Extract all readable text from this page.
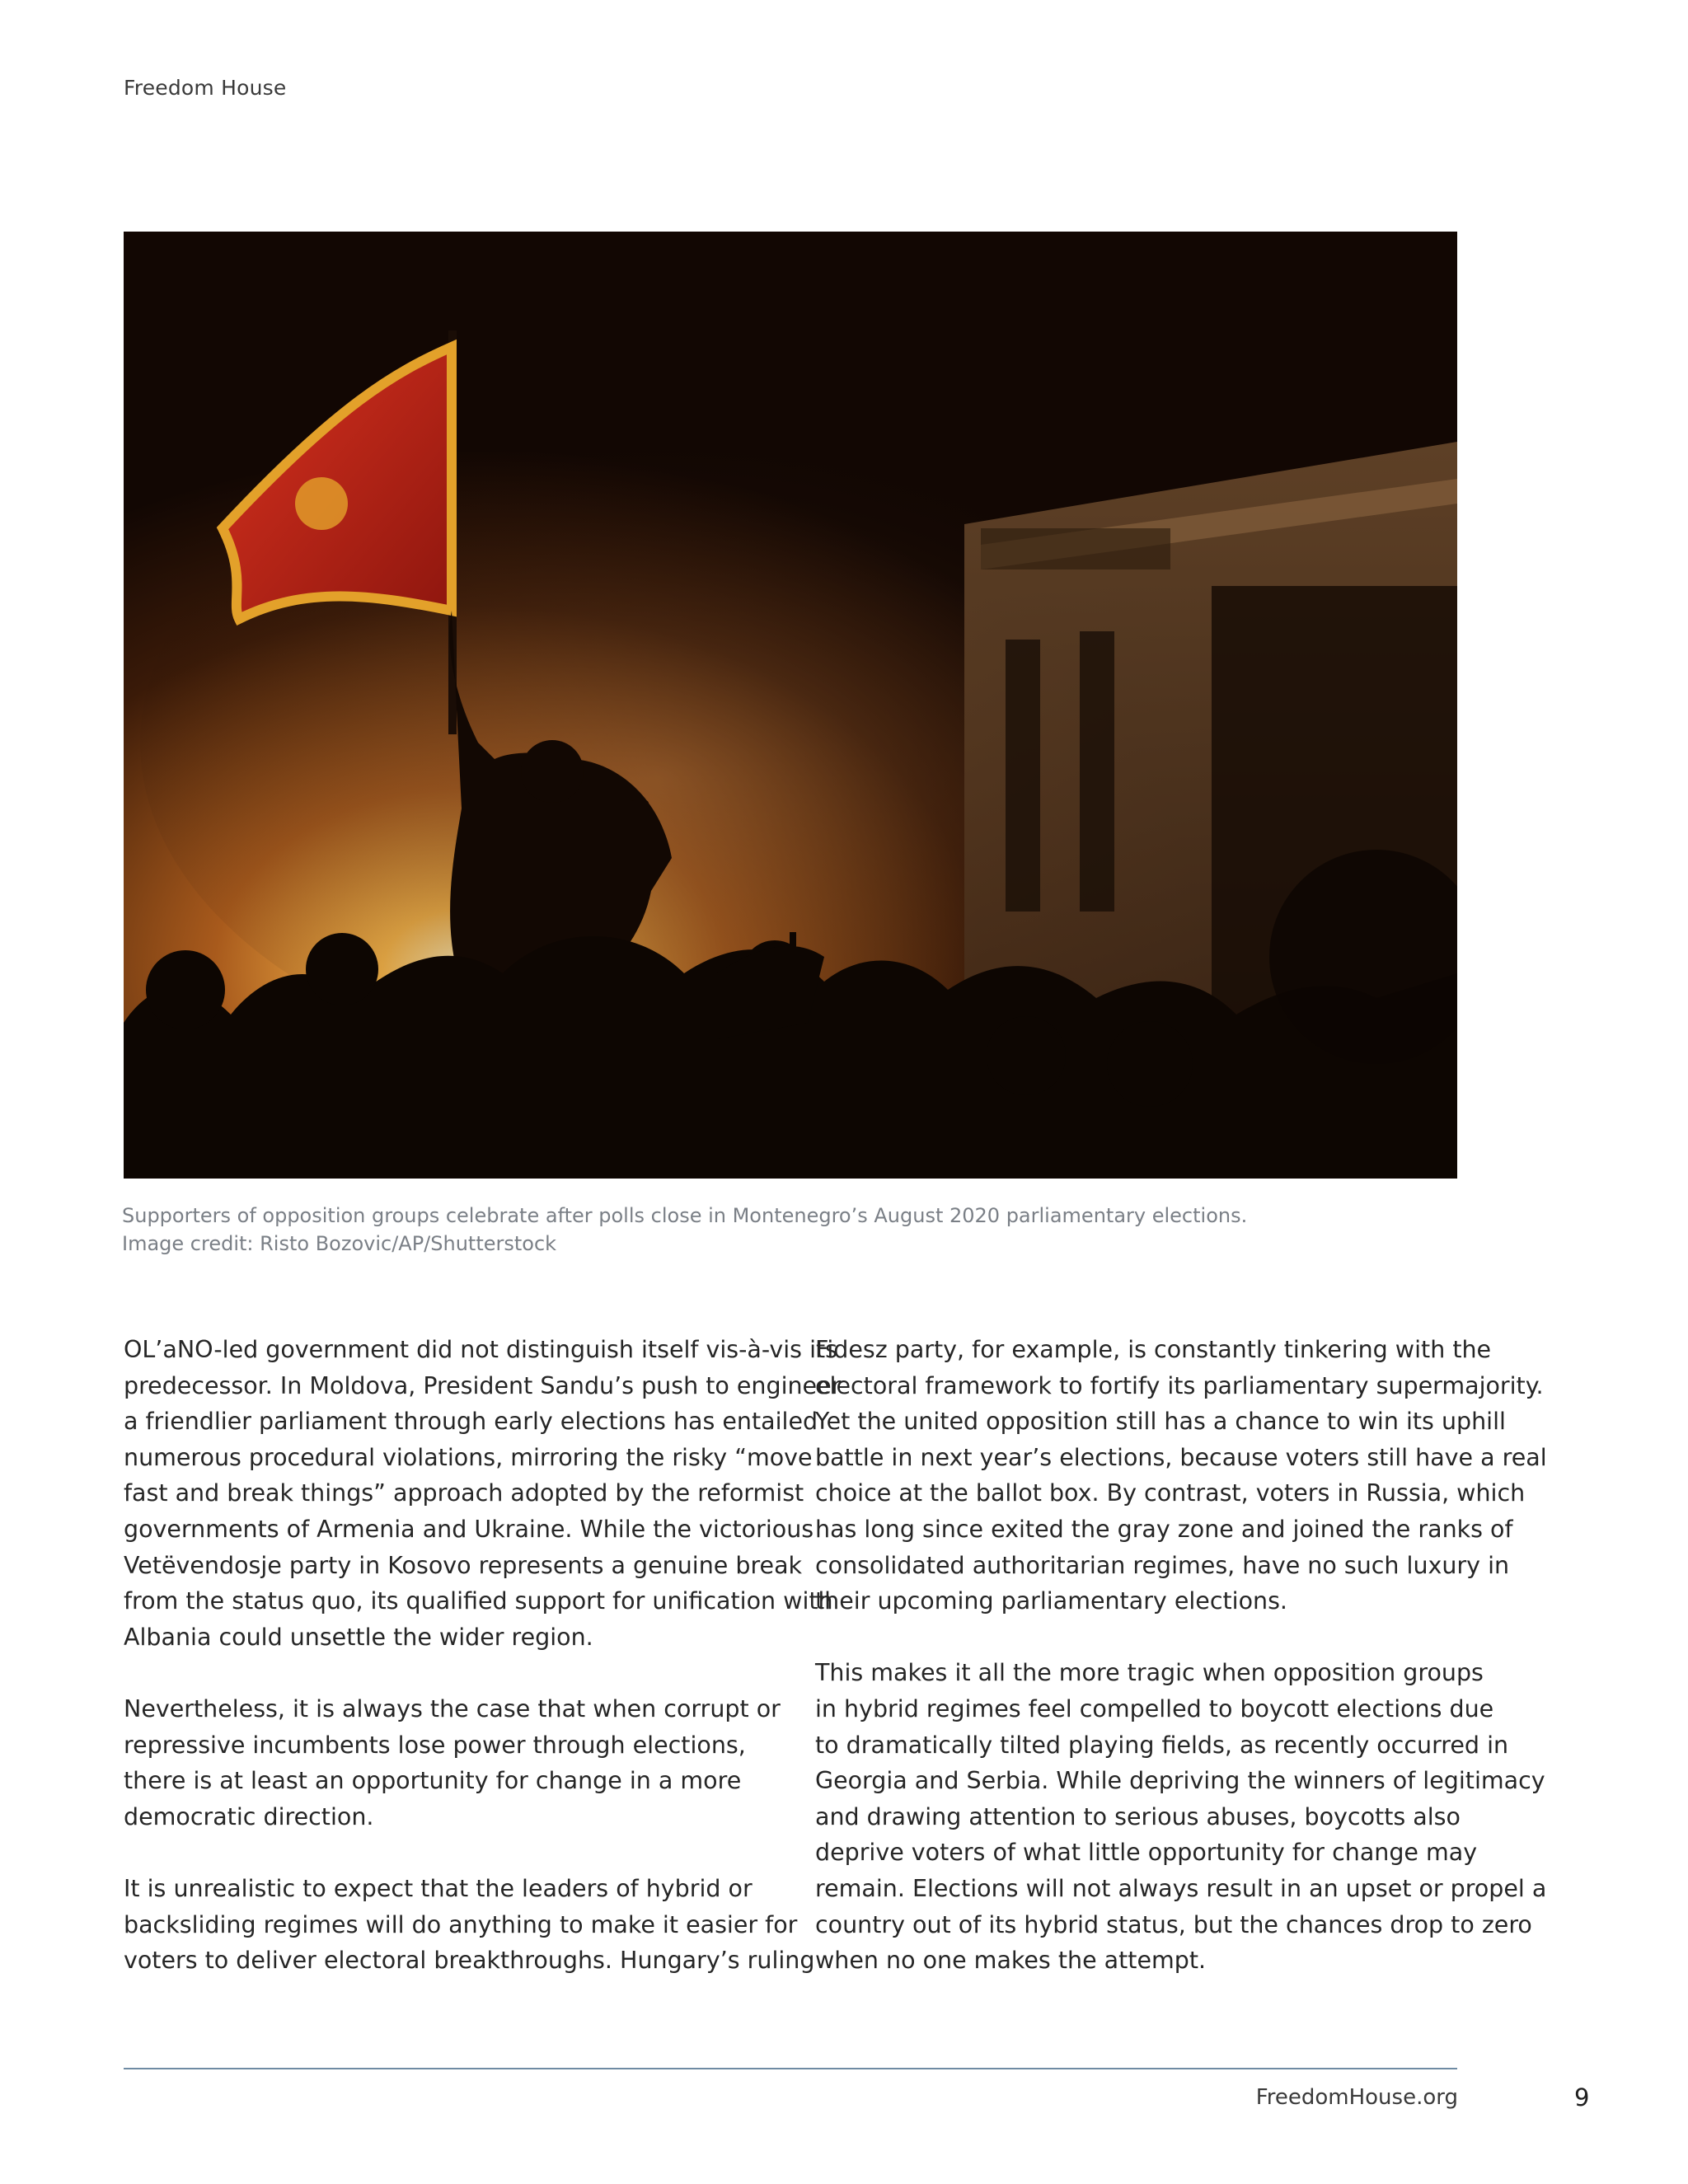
Freedom House
Supporters of opposition groups celebrate after polls close in Montenegro’s August 2020 parliamentary elections.
Image credit: Risto Bozovic/AP/Shutterstock

OL’aNO-led government did not distinguish itself vis-à-vis its
predecessor. In Moldova, President Sandu’s push to engineer
a friendlier parliament through early elections has entailed
numerous procedural violations, mirroring the risky “move
fast and break things” approach adopted by the reformist
governments of Armenia and Ukraine. While the victorious
Vetëvendosje party in Kosovo represents a genuine break
from the status quo, its qualified support for unification with
Albania could unsettle the wider region.

Nevertheless, it is always the case that when corrupt or
repressive incumbents lose power through elections,
there is at least an opportunity for change in a more
democratic direction.

It is unrealistic to expect that the leaders of hybrid or
backsliding regimes will do anything to make it easier for
voters to deliver electoral breakthroughs. Hungary’s ruling

Fidesz party, for example, is constantly tinkering with the
electoral framework to fortify its parliamentary supermajority.
Yet the united opposition still has a chance to win its uphill
battle in next year’s elections, because voters still have a real
choice at the ballot box. By contrast, voters in Russia, which
has long since exited the gray zone and joined the ranks of
consolidated authoritarian regimes, have no such luxury in
their upcoming parliamentary elections.

This makes it all the more tragic when opposition groups
in hybrid regimes feel compelled to boycott elections due
to dramatically tilted playing fields, as recently occurred in
Georgia and Serbia. While depriving the winners of legitimacy
and drawing attention to serious abuses, boycotts also
deprive voters of what little opportunity for change may
remain. Elections will not always result in an upset or propel a
country out of its hybrid status, but the chances drop to zero
when no one makes the attempt.

FreedomHouse.org	9
